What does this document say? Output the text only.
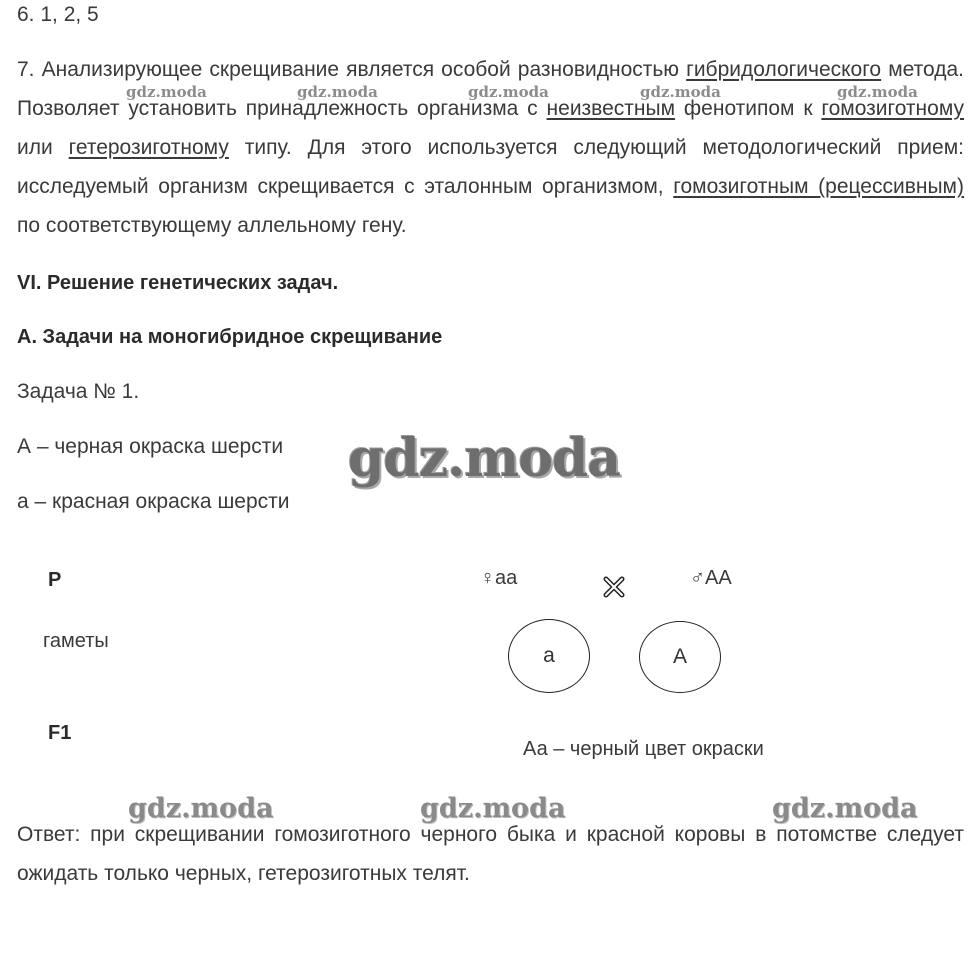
6. 1, 2, 5
7. Анализирующее скрещивание является особой разновидностью гибридологического метода. Позволяет установить принадлежность организма с неизвестным фенотипом к гомозиготному или гетерозиготному типу. Для этого используется следующий методологический прием: исследуемый организм скрещивается с эталонным организмом, гомозиготным (рецессивным) по соответствующему аллельному гену.
gdz.moda	gdz.moda	gdz.moda	gdz.moda	gdz.moda
VI. Решение генетических задач.
А. Задачи на моногибридное скрещивание
Задача № 1.
А – черная окраска шерсти
а – красная окраска шерсти
gdz.moda
P
гаметы
F1
♀аа	♂АА
а	А
Аа – черный цвет окраски
gdz.moda	gdz.moda	gdz.moda
Ответ: при скрещивании гомозиготного черного быка и красной коровы в потомстве следует ожидать только черных, гетерозиготных телят.
